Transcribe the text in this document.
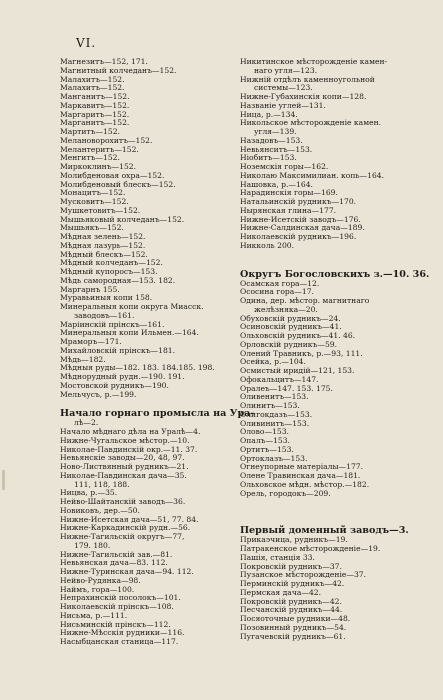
VI.
Магнезитъ—152, 171.
Магнитный колчеданъ—152.
Малахитъ—152.
Малахитъ—152.
Манганитъ—152.
Маркавитъ—152.
Маргаритъ—152.
Марганитъ—152.
Мартитъ—152.
Мелановорохитъ—152.
Мелантеритъ—152.
Менгитъ—152.
Миркоклинъ—152.
Молибденовая охра—152.
Молибденовый блескъ—152.
Монацитъ—152.
Мусковитъ—152.
Мушкетовитъ—152.
Мышьяковый колчеданъ—152.
Мышьякъ—152.
Мѣдная зелень—152.
Мѣдная лазурь—152.
Мѣдный блескъ—152.
Мѣдный колчеданъ—152.
Мѣдный купоросъ—153.
Мѣдь самородная—153. 182.
Маргарнъ 155.
Муравьиныя копи 158.
Минеральныя копи округа Миасск.
заводовъ—161.
Маріинскій прінскъ—161.
Минеральныя копи Ильмен.—164.
Мраморъ—171.
Михайловскій прінскъ—181.
Мѣдь—182.
Мѣдныя руды—182. 183. 184.185. 198.
Мѣднорудный рудн.—190. 191.
Мостовской рудникъ—190.
Мельчусъ, р.—199.
Начало горнаго промысла на Ура-
лѣ—2.
Начало мѣднаго дѣла на Уралѣ—4.
Нижне-Чугальское мѣстор.—10.
Николае-Павдинскій окр.—11. 37.
Невьянскіе заводы—20, 48, 97.
Ново-Листвянный рудникъ—21.
Николае-Павдинская дача—35.
111, 118, 188.
Ницва, р.—35.
Нейво-Шайтанскій заводъ—36.
Новиковъ, дер.—50.
Нижне-Исетская дача—51, 77. 84.
Нижне-Каркадинскій рудн.—56.
Нижне-Тагильскій округъ—77,
179. 180.
Нижне-Тагильскій зав.—81.
Невьянская дача—83. 112.
Нижне-Туринская дача—94. 112.
Нейво-Рудянка—98.
Наймъ, гора—100.
Непрахинскій посолокъ—101.
Николаевскій прінскъ—108.
Нисьма, р.—111.
Нисьминскій прінскъ—112.
Нижне-Мѣсскія рудники—116.
Насыбцанская станица—117.
Никитинское мѣсторожденіе камен-
наго угля—123.
Нижній отдѣлъ каменноугольной
системы—123.
Нижне-Губахинскія копи—128.
Названіе углей—131.
Ница, р.—134.
Никольское мѣсторожденіе камен.
угля—139.
Назадовъ—153.
Невьянситъ—153.
Ніобитъ—153.
Ноземскія горы—162.
Николаю Максимилиан. копь—164.
Нашовка, р.—164.
Нарадинскія горы—169.
Натальинскій рудникъ—170.
Нырянская глина—177.
Нижне-Исетскій заводъ—176.
Нижне-Салдинская дача—189.
Николаевскій рудникъ—196.
Никколь 200.
Округъ Богословскихъ з.—10. 36.
Осамская гора—12.
Ососина гора—17.
Одина, дер. мѣстор. магнитнаго
желѣзняка—20.
Обуховскій рудникъ—24.
Осиновскій рудникъ—41.
Ольховскій рудникъ—41. 46.
Орловскій рудникъ—59.
Олений Травникъ, р.—93, 111.
Осейка, р.—104.
Осмистый иридій—121, 153.
Офокальцитъ—147.
Оралеъ—147. 153. 175.
Оливенитъ—153.
Олинитъ—153.
Олигокдазъ—153.
Оливинитъ—153.
Олово—153.
Опалъ—153.
Ортитъ—153.
Ортоклазъ—153.
Огнеупорные матеріалы—177.
Олене Травинская дача—181.
Ольховское мѣдн. мѣстор.—182.
Орель, городокъ—209.
Первый доменный заводъ—3.
Прикаэчица, рудникъ—19.
Патракенское мѣсторожденіе—19.
Пашія, станція 33.
Покровскій рудникъ—37.
Пузанское мѣсторожденіе—37.
Перминскій рудникъ—42.
Пермская дача—42.
Покровскій рудникъ—42.
Песчанскій рудникъ—44.
Посяоточные рудники—48.
Позовинный рудникъ—54.
Пугачевскій рудникъ—61.
